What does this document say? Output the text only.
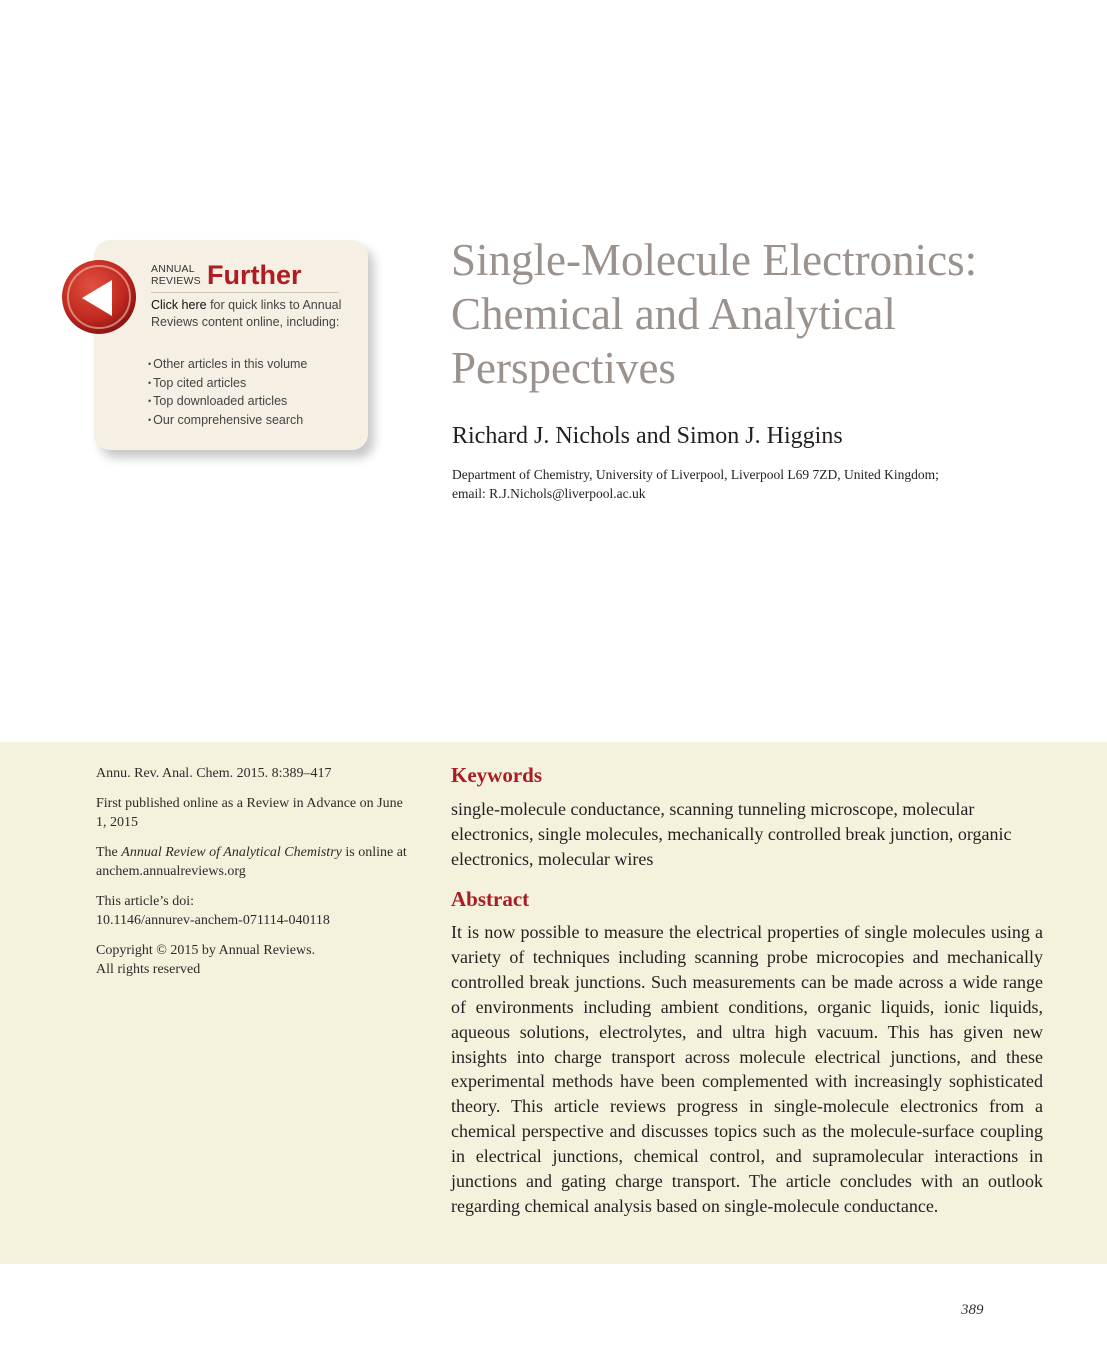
ANNUAL
REVIEWS Further
Click here for quick links to Annual Reviews content online, including:
• Other articles in this volume
• Top cited articles
• Top downloaded articles
• Our comprehensive search
Single-Molecule Electronics: Chemical and Analytical Perspectives

Richard J. Nichols and Simon J. Higgins

Department of Chemistry, University of Liverpool, Liverpool L69 7ZD, United Kingdom;
email: R.J.Nichols@liverpool.ac.uk

Annu. Rev. Anal. Chem. 2015. 8:389–417

First published online as a Review in Advance on June 1, 2015

The Annual Review of Analytical Chemistry is online at anchem.annualreviews.org

This article’s doi:
10.1146/annurev-anchem-071114-040118

Copyright © 2015 by Annual Reviews.
All rights reserved

Keywords

single-molecule conductance, scanning tunneling microscope, molecular electronics, single molecules, mechanically controlled break junction, organic electronics, molecular wires

Abstract

It is now possible to measure the electrical properties of single molecules using a variety of techniques including scanning probe microcopies and mechanically controlled break junctions. Such measurements can be made across a wide range of environments including ambient conditions, organic liquids, ionic liquids, aqueous solutions, electrolytes, and ultra high vacuum. This has given new insights into charge transport across molecule electrical junctions, and these experimental methods have been complemented with increasingly sophisticated theory. This article reviews progress in single-molecule electronics from a chemical perspective and discusses topics such as the molecule-surface coupling in electrical junctions, chemical control, and supramolecular interactions in junctions and gating charge transport. The article concludes with an outlook regarding chemical analysis based on single-molecule conductance.

389
